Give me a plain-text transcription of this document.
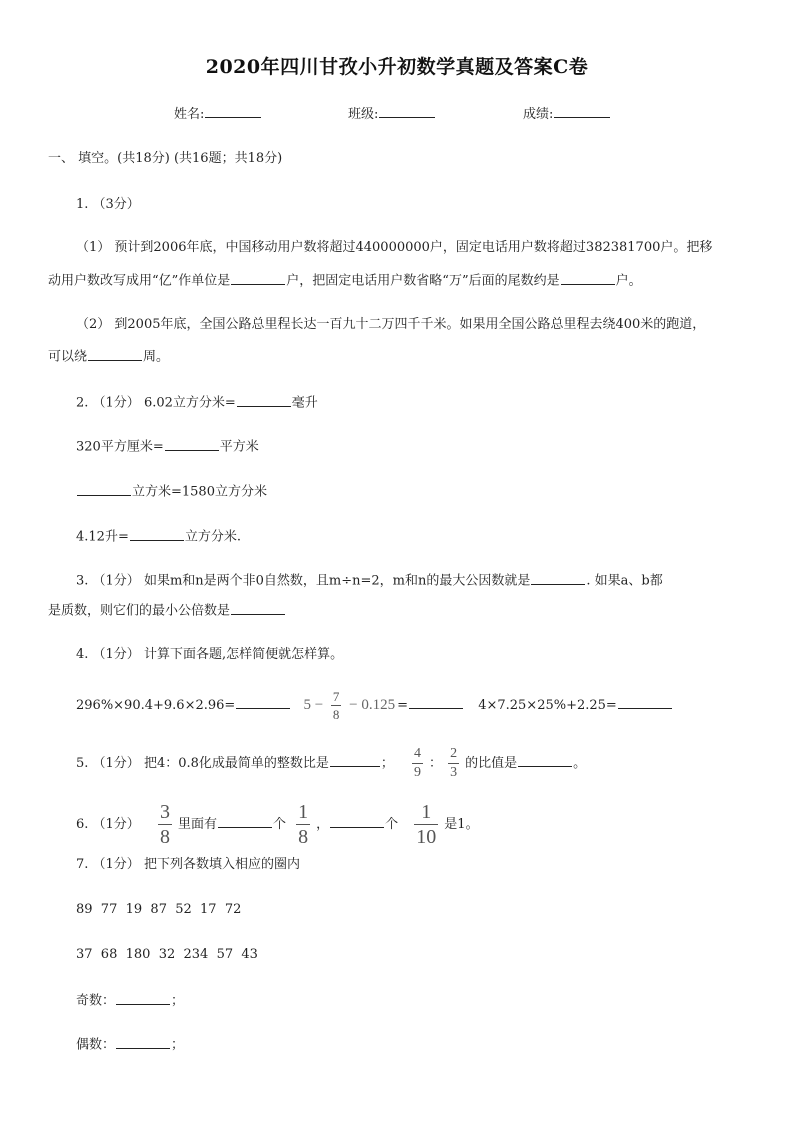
2020年四川甘孜小升初数学真题及答案C卷
姓名:	班级:	成绩:
一、 填空。(共18分) (共16题；共18分)
1. （3分）
（1） 预计到2006年底，中国移动用户数将超过440000000户，固定电话用户数将超过382381700户。把移
动用户数改写成用“亿”作单位是	户，把固定电话用户数省略“万”后面的尾数约是	户。
（2） 到2005年底，全国公路总里程长达一百九十二万四千千米。如果用全国公路总里程去绕400米的跑道，
可以绕	周。
2. （1分） 6.02立方分米=	毫升
320平方厘米=	平方米
立方米=1580立方分米
4.12升=	立方分米.
3. （1分） 如果m和n是两个非0自然数，且m÷n=2，m和n的最大公因数就是	. 如果a、b都
是质数，则它们的最小公倍数是
4. （1分） 计算下面各题,怎样简便就怎样算。
296%×90.4+9.6×2.96=	$5 - \frac{7}{8} - 0.125$ =	4×7.25×25%+2.25=
5. （1分） 把4：0.8化成最简单的整数比是	； $\frac{4}{9}$ ： $\frac{2}{3}$ 的比值是	。
6. （1分） $\frac{3}{8}$ 里面有	个 $\frac{1}{8}$ ，	个 $\frac{1}{10}$ 是1。
7. （1分） 把下列各数填入相应的圈内
89  77  19  87  52  17  72
37  68  180  32  234  57  43
奇数：	；
偶数：	；
